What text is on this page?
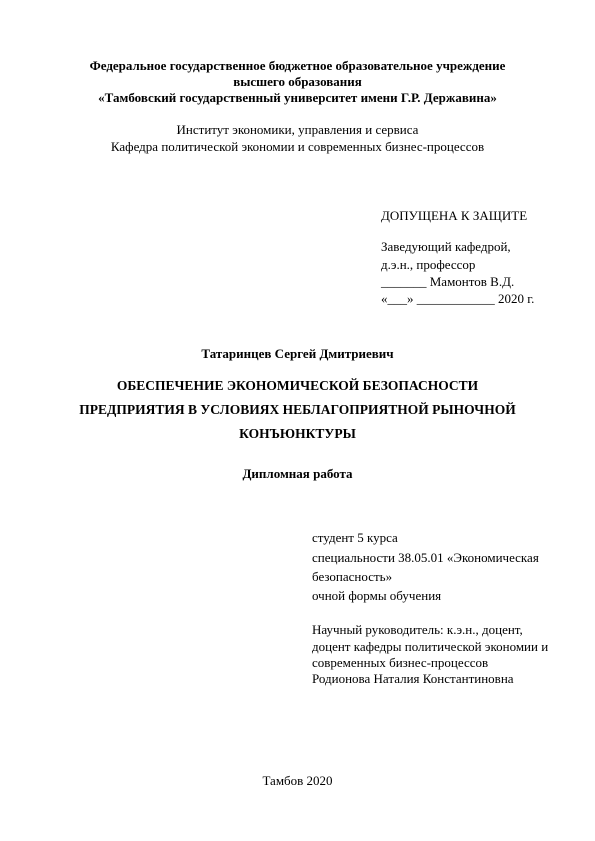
Федеральное государственное бюджетное образовательное учреждение
высшего образования
«Тамбовский государственный университет имени Г.Р. Державина»
Институт экономики, управления и сервиса
Кафедра политической экономии и современных бизнес-процессов
ДОПУЩЕНА К ЗАЩИТЕ
Заведующий кафедрой,
д.э.н., профессор
_______ Мамонтов В.Д.
«___» ____________ 2020 г.
Татаринцев Сергей Дмитриевич
ОБЕСПЕЧЕНИЕ ЭКОНОМИЧЕСКОЙ БЕЗОПАСНОСТИ
ПРЕДПРИЯТИЯ В УСЛОВИЯХ НЕБЛАГОПРИЯТНОЙ РЫНОЧНОЙ
КОНЪЮНКТУРЫ
Дипломная работа
студент 5 курса
специальности 38.05.01 «Экономическая
безопасность»
очной формы обучения
Научный руководитель: к.э.н., доцент,
доцент кафедры политической экономии и
современных бизнес-процессов
Родионова Наталия Константиновна
Тамбов 2020
